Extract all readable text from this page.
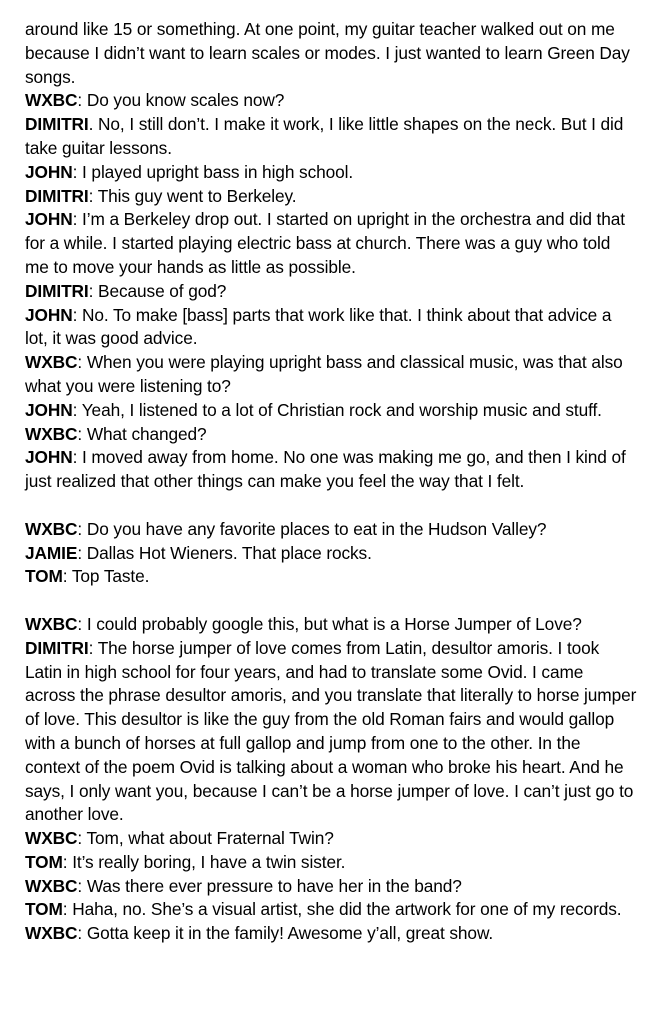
around like 15 or something. At one point, my guitar teacher walked out on me because I didn’t want to learn scales or modes. I just wanted to learn Green Day songs.

WXBC: Do you know scales now?

DIMITRI. No, I still don’t. I make it work, I like little shapes on the neck. But I did take guitar lessons.

JOHN: I played upright bass in high school.

DIMITRI: This guy went to Berkeley.

JOHN: I’m a Berkeley drop out. I started on upright in the orchestra and did that for a while. I started playing electric bass at church. There was a guy who told me to move your hands as little as possible.

DIMITRI: Because of god?

JOHN: No. To make [bass] parts that work like that. I think about that advice a lot, it was good advice.

WXBC: When you were playing upright bass and classical music, was that also what you were listening to?

JOHN: Yeah, I listened to a lot of Christian rock and worship music and stuff.

WXBC: What changed?

JOHN: I moved away from home. No one was making me go, and then I kind of just realized that other things can make you feel the way that I felt.

WXBC: Do you have any favorite places to eat in the Hudson Valley?

JAMIE: Dallas Hot Wieners. That place rocks.

TOM: Top Taste.

WXBC: I could probably google this, but what is a Horse Jumper of Love?

DIMITRI: The horse jumper of love comes from Latin, desultor amoris. I took Latin in high school for four years, and had to translate some Ovid. I came across the phrase desultor amoris, and you translate that literally to horse jumper of love. This desultor is like the guy from the old Roman fairs and would gallop with a bunch of horses at full gallop and jump from one to the other. In the context of the poem Ovid is talking about a woman who broke his heart. And he says, I only want you, because I can’t be a horse jumper of love. I can’t just go to another love.

WXBC: Tom, what about Fraternal Twin?

TOM: It’s really boring, I have a twin sister.

WXBC: Was there ever pressure to have her in the band?

TOM: Haha, no. She’s a visual artist, she did the artwork for one of my records.

WXBC: Gotta keep it in the family! Awesome y’all, great show.
